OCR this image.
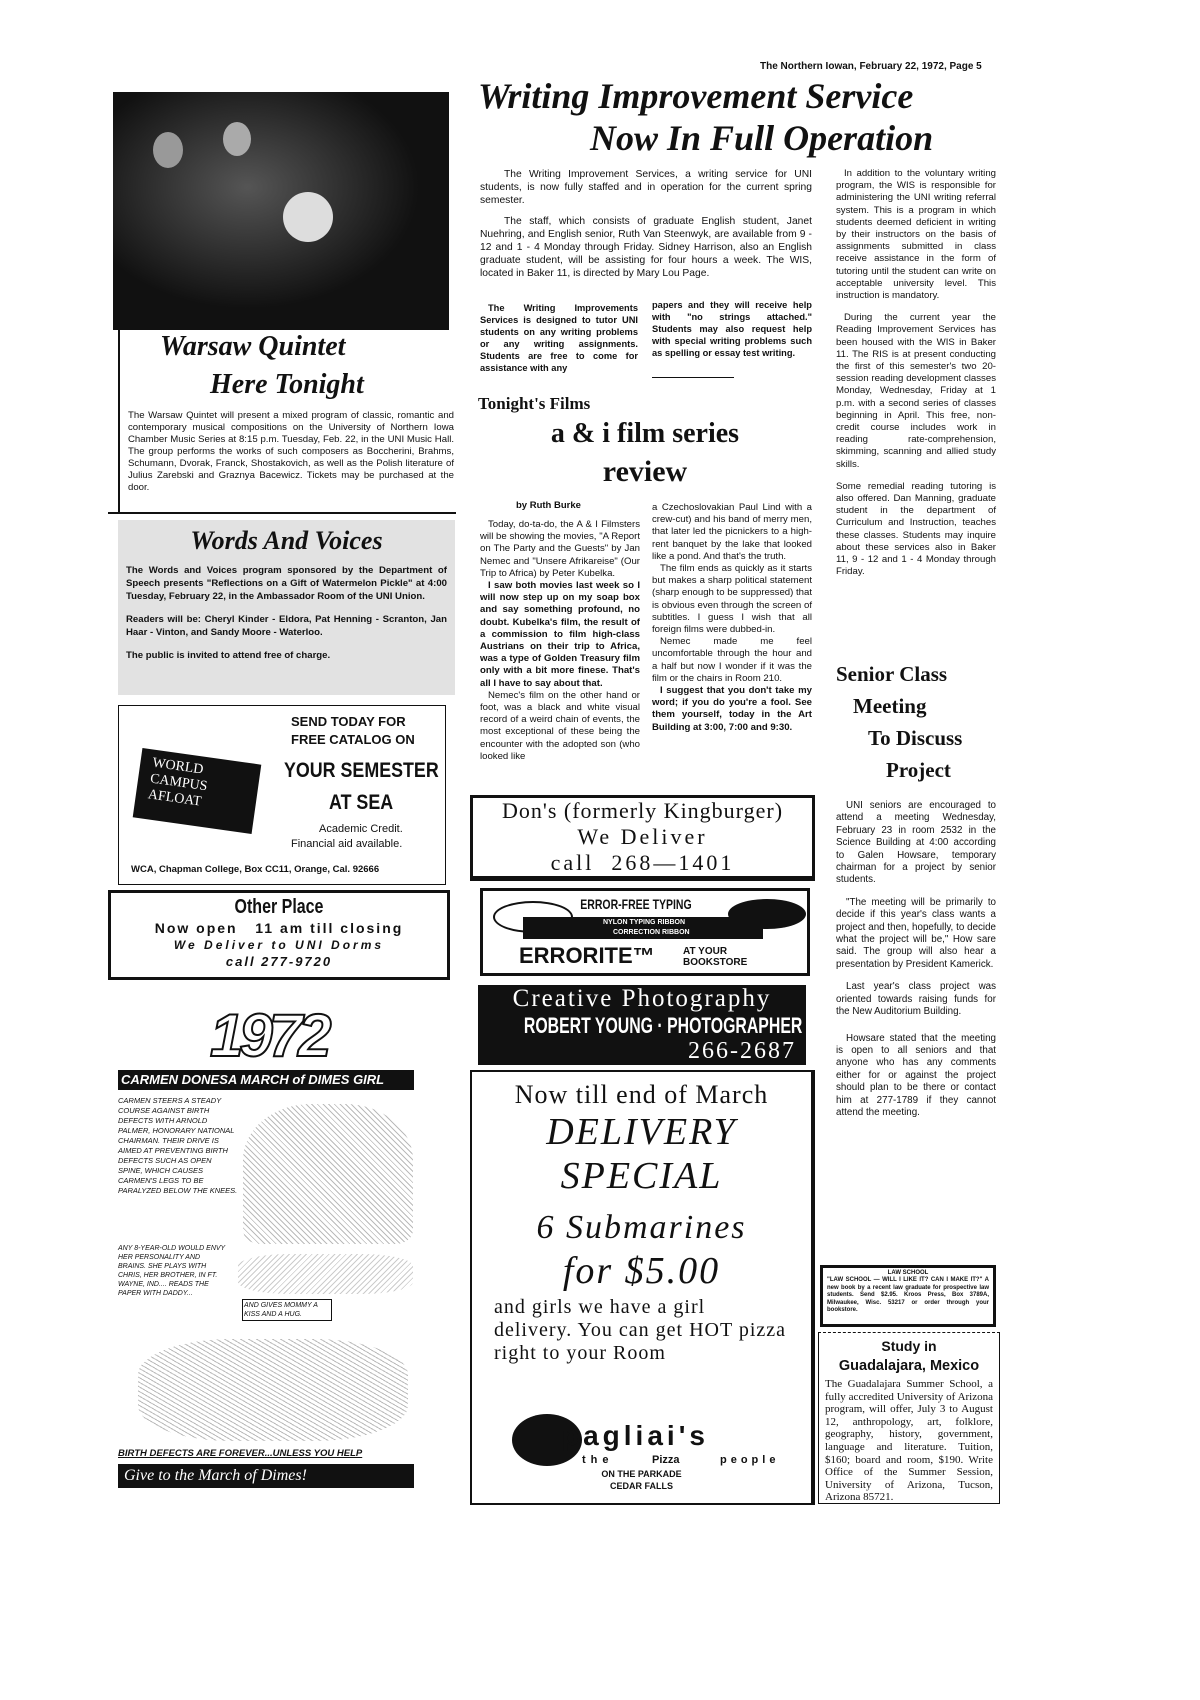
The Northern Iowan, February 22, 1972, Page 5
Writing Improvement Service
Now In Full Operation
Warsaw Quintet
Here Tonight
The Warsaw Quintet will present a mixed program of classic, romantic and contemporary musical compositions on the University of Northern Iowa Chamber Music Series at 8:15 p.m. Tuesday, Feb. 22, in the UNI Music Hall. The group performs the works of such composers as Boccherini, Brahms, Schumann, Dvorak, Franck, Shostakovich, as well as the Polish literature of Julius Zarebski and Graznya Bacewicz. Tickets may be purchased at the door.
Words And Voices
The Words and Voices program sponsored by the Department of Speech presents "Reflections on a Gift of Watermelon Pickle" at 4:00 Tuesday, February 22, in the Ambassador Room of the UNI Union.
Readers will be: Cheryl Kinder - Eldora, Pat Henning - Scranton, Jan Haar - Vinton, and Sandy Moore - Waterloo.
The public is invited to attend free of charge.
WORLD CAMPUS AFLOAT
SEND TODAY FOR
FREE CATALOG ON
YOUR SEMESTER
AT SEA
Academic Credit.
Financial aid available.
WCA, Chapman College, Box CC11, Orange, Cal. 92666
Other Place
Now open   11 am till closing
We Deliver to UNI Dorms
call 277-9720
1972
CARMEN DONESA MARCH of DIMES GIRL
CARMEN STEERS A STEADY COURSE AGAINST BIRTH DEFECTS WITH ARNOLD PALMER, HONORARY NATIONAL CHAIRMAN. THEIR DRIVE IS AIMED AT PREVENTING BIRTH DEFECTS SUCH AS OPEN SPINE, WHICH CAUSES CARMEN'S LEGS TO BE PARALYZED BELOW THE KNEES.
ANY 8-YEAR-OLD WOULD ENVY HER PERSONALITY AND BRAINS. SHE PLAYS WITH CHRIS, HER BROTHER, IN FT. WAYNE, IND.... READS THE PAPER WITH DADDY...
AND GIVES MOMMY A KISS AND A HUG.
BIRTH DEFECTS ARE FOREVER...UNLESS YOU HELP
Give to the March of Dimes!

The Writing Improvement Services, a writing service for UNI students, is now fully staffed and in operation for the current spring semester.

The staff, which consists of graduate English student, Janet Nuehring, and English senior, Ruth Van Steenwyk, are available from 9 - 12 and 1 - 4 Monday through Friday. Sidney Harrison, also an English graduate student, will be assisting for four hours a week. The WIS, located in Baker 11, is directed by Mary Lou Page.

The Writing Improvements Services is designed to tutor UNI students on any writing problems or any writing assignments. Students are free to come for assistance with any
papers and they will receive help with "no strings attached." Students may also request help with special writing problems such as spelling or essay test writing.
Tonight's Films
a & i film series
review
by Ruth Burke

Today, do-ta-do, the A & I Filmsters will be showing the movies, "A Report on The Party and the Guests" by Jan Nemec and "Unsere Afrikareise" (Our Trip to Africa) by Peter Kubelka.

I saw both movies last week so I will now step up on my soap box and say something profound, no doubt. Kubelka's film, the result of a commission to film high-class Austrians on their trip to Africa, was a type of Golden Treasury film only with a bit more finese. That's all I have to say about that.

Nemec's film on the other hand or foot, was a black and white visual record of a weird chain of events, the most exceptional of these being the encounter with the adopted son (who looked like

a Czechoslovakian Paul Lind with a crew-cut) and his band of merry men, that later led the picnickers to a high-rent banquet by the lake that looked like a pond. And that's the truth.

The film ends as quickly as it starts but makes a sharp political statement (sharp enough to be suppressed) that is obvious even through the screen of subtitles. I guess I wish that all foreign films were dubbed-in.

Nemec made me feel uncomfortable through the hour and a half but now I wonder if it was the film or the chairs in Room 210.

I suggest that you don't take my word; if you do you're a fool. See them yourself, today in the Art Building at 3:00, 7:00 and 9:30.

Don's (formerly Kingburger)
We Deliver
call  268—1401
ERROR-FREE TYPING
NYLON TYPING RIBBON
CORRECTION RIBBON
ERRORITE™	AT YOUR
BOOKSTORE
Creative Photography
ROBERT YOUNG · PHOTOGRAPHER
266-2687
Now till end of March
DELIVERY
SPECIAL
6 Submarines
for $5.00
and girls we have a girl delivery. You can get HOT pizza right to your Room
pagliai's
the	Pizza	people
ON THE PARKADE
CEDAR FALLS

In addition to the voluntary writing program, the WIS is responsible for administering the UNI writing referral system. This is a program in which students deemed deficient in writing by their instructors on the basis of assignments submitted in class receive assistance in the form of tutoring until the student can write on acceptable university level. This instruction is mandatory.

During the current year the Reading Improvement Services has been housed with the WIS in Baker 11. The RIS is at present conducting the first of this semester's two 20-session reading development classes Monday, Wednesday, Friday at 1 p.m. with a second series of classes beginning in April. This free, non-credit course includes work in reading rate-comprehension, skimming, scanning and allied study skills.

Some remedial reading tutoring is also offered. Dan Manning, graduate student in the department of Curriculum and Instruction, teaches these classes. Students may inquire about these services also in Baker 11, 9 - 12 and 1 - 4 Monday through Friday.

Senior Class
Meeting
To Discuss
Project

UNI seniors are encouraged to attend a meeting Wednesday, February 23 in room 2532 in the Science Building at 4:00 according to Galen Howsare, temporary chairman for a project by senior students.

"The meeting will be primarily to decide if this year's class wants a project and then, hopefully, to decide what the project will be," How sare said. The group will also hear a presentation by President Kamerick.

Last year's class project was oriented towards raising funds for the New Auditorium Building.

Howsare stated that the meeting is open to all seniors and that anyone who has any comments either for or against the project should plan to be there or contact him at 277-1789 if they cannot attend the meeting.

LAW SCHOOL
"LAW SCHOOL — WILL I LIKE IT? CAN I MAKE IT?" A new book by a recent law graduate for prospective law students. Send $2.95. Kroos Press, Box 3789A, Milwaukee, Wisc. 53217 or order through your bookstore.
Study in
Guadalajara, Mexico
The Guadalajara Summer School, a fully accredited University of Arizona program, will offer, July 3 to August 12, anthropology, art, folklore, geography, history, government, language and literature. Tuition, $160; board and room, $190. Write Office of the Summer Session, University of Arizona, Tucson, Arizona 85721.
